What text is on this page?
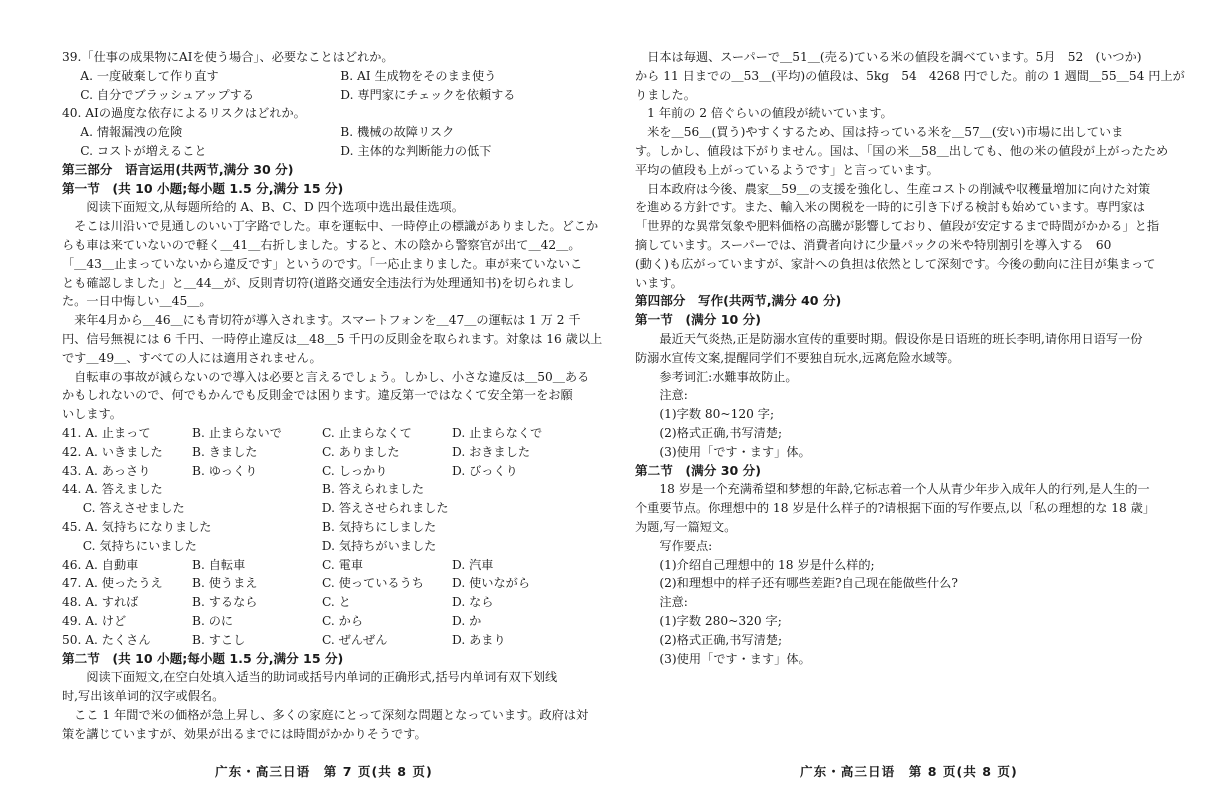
39.「仕事の成果物にAIを使う場合」、必要なことはどれか。
A. 一度破棄して作り直す	B. AI 生成物をそのまま使う
C. 自分でブラッシュアップする	D. 専門家にチェックを依頼する
40. AIの過度な依存によるリスクはどれか。
A. 情報漏洩の危険	B. 機械の故障リスク
C. コストが増えること	D. 主体的な判断能力の低下
第三部分　语言运用(共两节,满分 30 分)
第一节　(共 10 小题;每小题 1.5 分,满分 15 分)
阅读下面短文,从每题所给的 A、B、C、D 四个选项中选出最佳选项。
　そこは川沿いで見通しのいい丁字路でした。車を運転中、一時停止の標識がありました。どこか
らも車は来ていないので軽く＿41＿右折しました。すると、木の陰から警察官が出て＿42＿。
「＿43＿止まっていないから違反です」というのです。「一応止まりました。車が来ていないこ
とも確認しました」と＿44＿が、反則青切符(道路交通安全违法行为处理通知书)を切られまし
た。一日中悔しい＿45＿。
　来年4月から＿46＿にも青切符が導入されます。スマートフォンを＿47＿の運転は 1 万 2 千
円、信号無視には 6 千円、一時停止違反は＿48＿5 千円の反則金を取られます。対象は 16 歳以上
です＿49＿、すべての人には適用されません。
　自転車の事故が減らないので導入は必要と言えるでしょう。しかし、小さな違反は＿50＿ある
かもしれないので、何でもかんでも反則金では困ります。違反第一ではなくて安全第一をお願
いします。
41. A. 止まって	B. 止まらないで	C. 止まらなくて	D. 止まらなくで
42. A. いきました	B. きました	C. ありました	D. おきました
43. A. あっさり	B. ゆっくり	C. しっかり	D. びっくり
44. A. 答えました	B. 答えられました
C. 答えさせました	D. 答えさせられました
45. A. 気持ちになりました	B. 気持ちにしました
C. 気持ちにいました	D. 気持ちがいました
46. A. 自動車	B. 自転車	C. 電車	D. 汽車
47. A. 使ったうえ	B. 使うまえ	C. 使っているうち	D. 使いながら
48. A. すれば	B. するなら	C. と	D. なら
49. A. けど	B. のに	C. から	D. か
50. A. たくさん	B. すこし	C. ぜんぜん	D. あまり
第二节　(共 10 小题;每小题 1.5 分,满分 15 分)
　　阅读下面短文,在空白处填入适当的助词或括号内单词的正确形式,括号内单词有双下划线
时,写出该单词的汉字或假名。
　ここ 1 年間で米の価格が急上昇し、多くの家庭にとって深刻な問題となっています。政府は対
策を講じていますが、効果が出るまでには時間がかかりそうです。
　日本は毎週、スーパーで＿51＿(売る)ている米の値段を調べています。5月　52　(いつか)
から 11 日までの＿53＿(平均)の値段は、5kg　54　4268 円でした。前の 1 週間＿55＿54 円上が
りました。
　1 年前の 2 倍ぐらいの値段が続いています。
　米を＿56＿(買う)やすくするため、国は持っている米を＿57＿(安い)市場に出していま
す。しかし、値段は下がりません。国は、「国の米＿58＿出しても、他の米の値段が上がったため
平均の値段も上がっているようです」と言っています。
　日本政府は今後、農家＿59＿の支援を強化し、生産コストの削減や収穫量増加に向けた対策
を進める方針です。また、輸入米の関税を一時的に引き下げる検討も始めています。専門家は
「世界的な異常気象や肥料価格の高騰が影響しており、値段が安定するまで時間がかかる」と指
摘しています。スーパーでは、消費者向けに少量パックの米や特別割引を導入する　60
(動く)も広がっていますが、家計への負担は依然として深刻です。今後の動向に注目が集まって
います。
第四部分　写作(共两节,满分 40 分)
第一节　(满分 10 分)
　　最近天气炎热,正是防溺水宣传的重要时期。假设你是日语班的班长李明,请你用日语写一份
防溺水宣传文案,提醒同学们不要独自玩水,远离危险水域等。
参考词汇:水難事故防止。
注意:
(1)字数 80~120 字;
(2)格式正确,书写清楚;
(3)使用「です・ます」体。
第二节　(满分 30 分)
　　18 岁是一个充满希望和梦想的年龄,它标志着一个人从青少年步入成年人的行列,是人生的一
个重要节点。你理想中的 18 岁是什么样子的?请根据下面的写作要点,以「私の理想的な 18 歳」
为题,写一篇短文。
写作要点:
(1)介绍自己理想中的 18 岁是什么样的;
(2)和理想中的样子还有哪些差距?自己现在能做些什么?
注意:
(1)字数 280~320 字;
(2)格式正确,书写清楚;
(3)使用「です・ます」体。
广东・高三日语　第 7 页(共 8 页)	广东・高三日语　第 8 页(共 8 页)
